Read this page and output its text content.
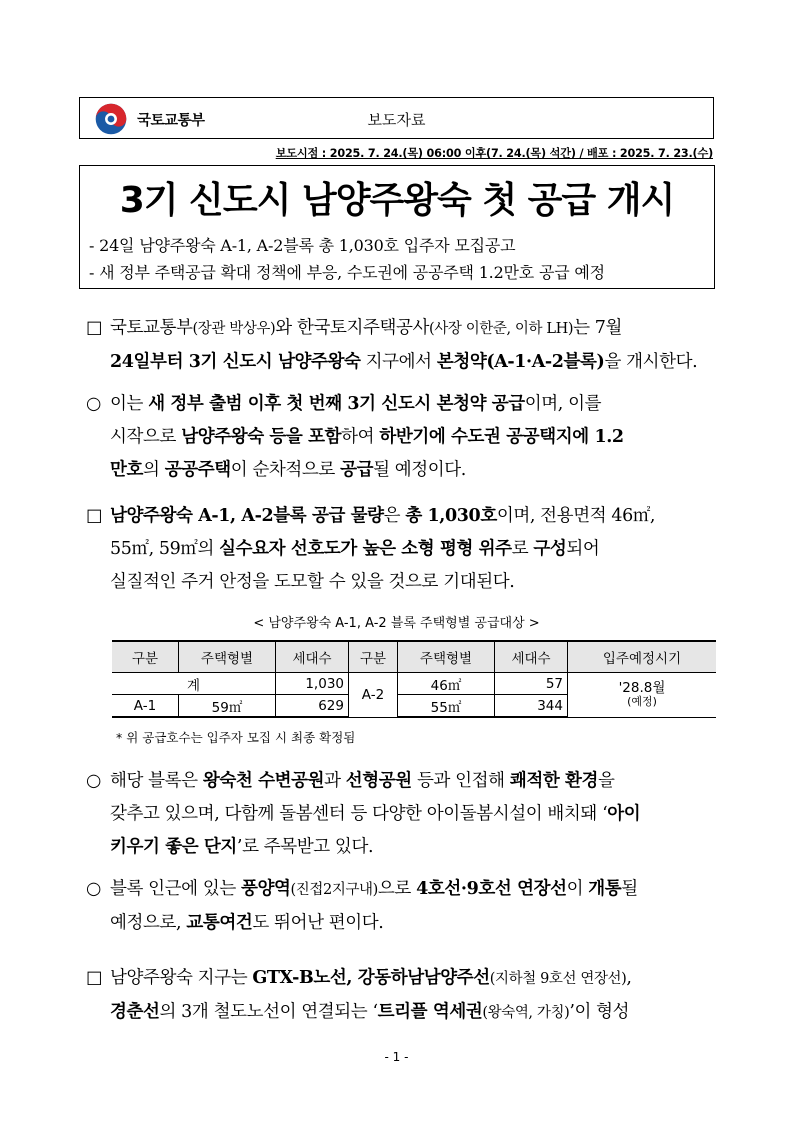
국토교통부	보도자료
보도시점 : 2025. 7. 24.(목) 06:00 이후(7. 24.(목) 석간) / 배포 : 2025. 7. 23.(수)
3기 신도시 남양주왕숙 첫 공급 개시
- 24일 남양주왕숙 A-1, A-2블록 총 1,030호 입주자 모집공고
- 새 정부 주택공급 확대 정책에 부응, 수도권에 공공주택 1.2만호 공급 예정

□ 국토교통부(장관 박상우)와 한국토지주택공사(사장 이한준, 이하 LH)는 7월

24일부터 3기 신도시 남양주왕숙 지구에서 본청약(A-1·A-2블록)을 개시한다.

○ 이는 새 정부 출범 이후 첫 번째 3기 신도시 본청약 공급이며, 이를

시작으로 남양주왕숙 등을 포함하여 하반기에 수도권 공공택지에 1.2

만호의 공공주택이 순차적으로 공급될 예정이다.

□ 남양주왕숙 A-1, A-2블록 공급 물량은 총 1,030호이며, 전용면적 46㎡,

55㎡, 59㎡의 실수요자 선호도가 높은 소형 평형 위주로 구성되어

실질적인 주거 안정을 도모할 수 있을 것으로 기대된다.

< 남양주왕숙 A-1, A-2 블록 주택형별 공급대상 >
구분	주택형별	세대수	구분	주택형별	세대수	입주예정시기
계		1,030	A-2	46㎡	57	'28.8월
(예정)

A-1	59㎡	629		55㎡	344	
* 위 공급호수는 입주자 모집 시 최종 확정됨

○ 해당 블록은 왕숙천 수변공원과 선형공원 등과 인접해 쾌적한 환경을

갖추고 있으며, 다함께 돌봄센터 등 다양한 아이돌봄시설이 배치돼 ‘아이

키우기 좋은 단지’로 주목받고 있다.

○ 블록 인근에 있는 풍양역(진접2지구내)으로 4호선·9호선 연장선이 개통될

예정으로, 교통여건도 뛰어난 편이다.

□ 남양주왕숙 지구는 GTX-B노선, 강동하남남양주선(지하철 9호선 연장선),

경춘선의 3개 철도노선이 연결되는 ‘트리플 역세권(왕숙역, 가칭)’이 형성

- 1 -
